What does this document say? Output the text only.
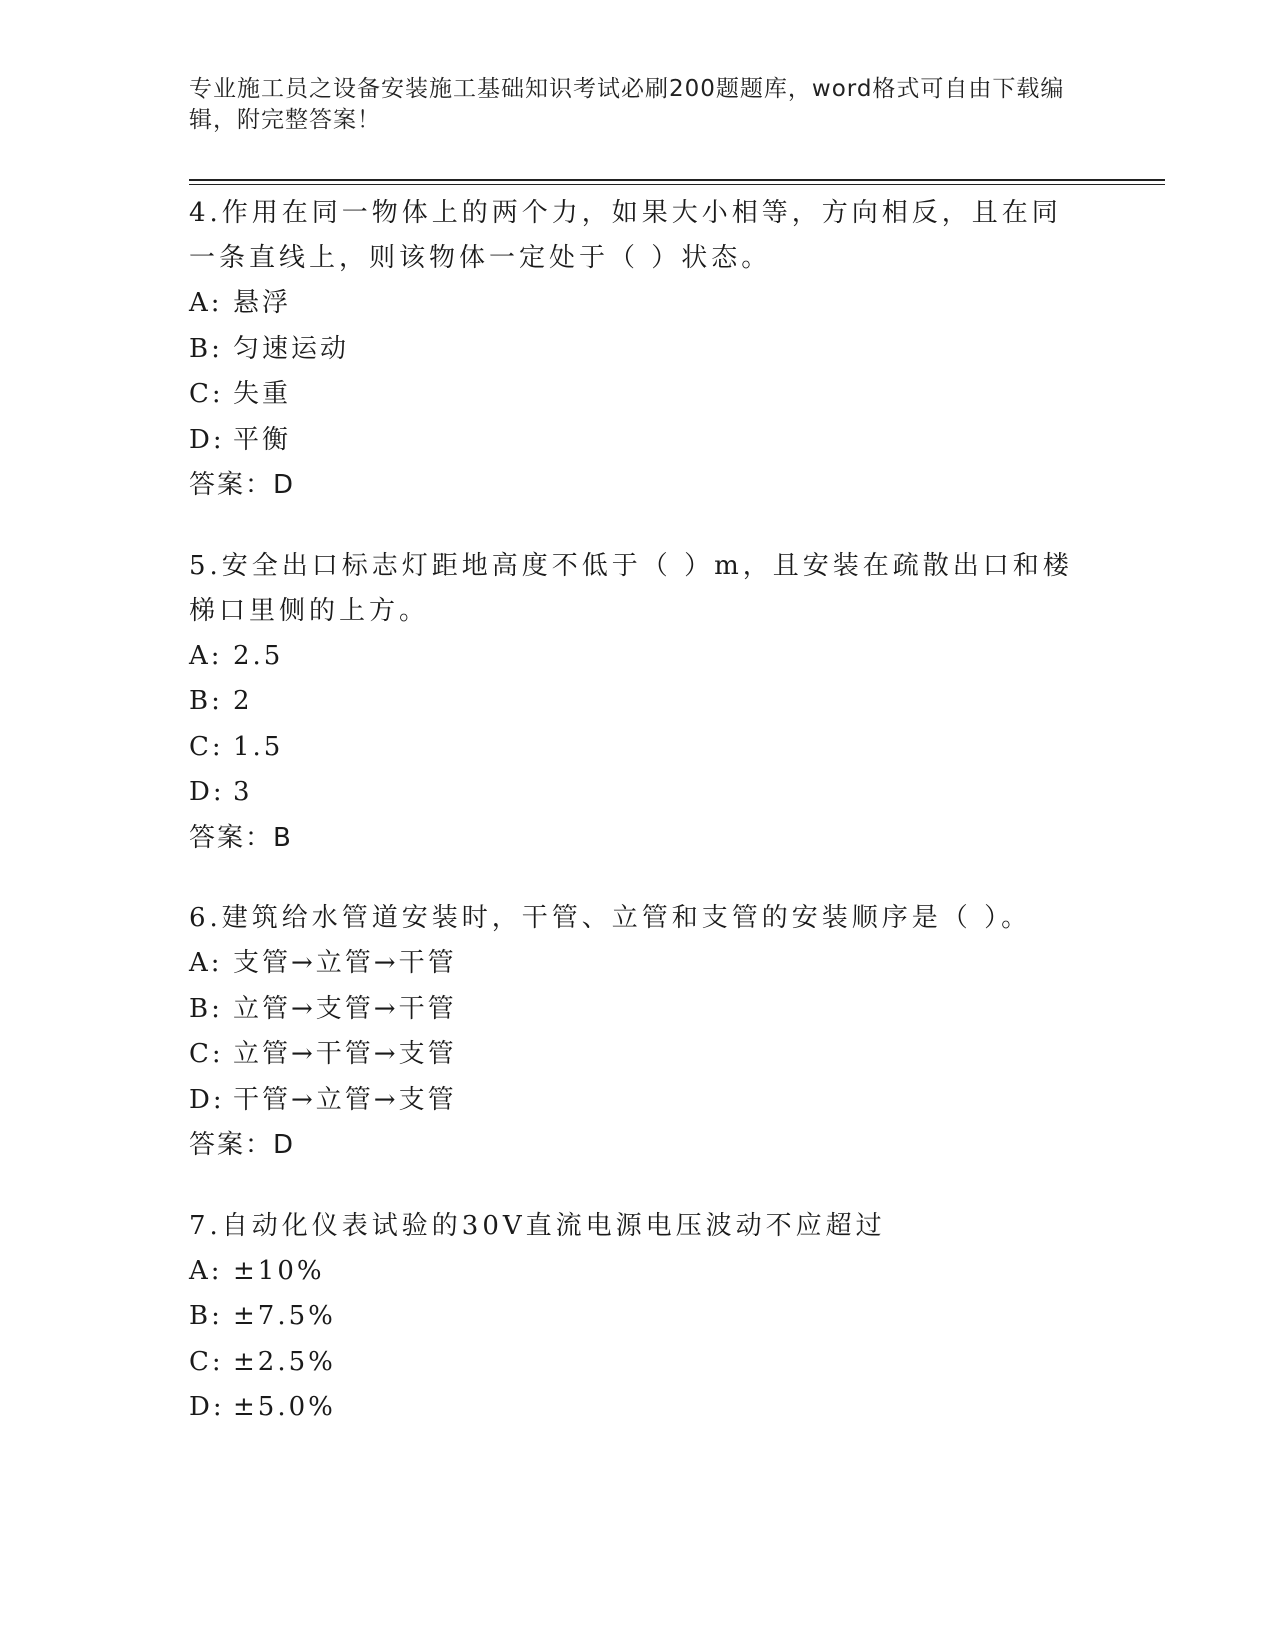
专业施工员之设备安装施工基础知识考试必刷200题题库，word格式可自由下载编辑，附完整答案！

4.作用在同一物体上的两个力，如果大小相等，方向相反，且在同一条直线上，则该物体一定处于（ ）状态。

A: 悬浮
B: 匀速运动
C: 失重
D: 平衡
答案：D

5.安全出口标志灯距地高度不低于（ ）m，且安装在疏散出口和楼梯口里侧的上方。

A: 2.5
B: 2
C: 1.5
D: 3
答案：B

6.建筑给水管道安装时，干管、立管和支管的安装顺序是（ ）。

A: 支管→立管→干管
B: 立管→支管→干管
C: 立管→干管→支管
D: 干管→立管→支管
答案：D

7.自动化仪表试验的30V直流电源电压波动不应超过

A: ±10%
B: ±7.5%
C: ±2.5%
D: ±5.0%
